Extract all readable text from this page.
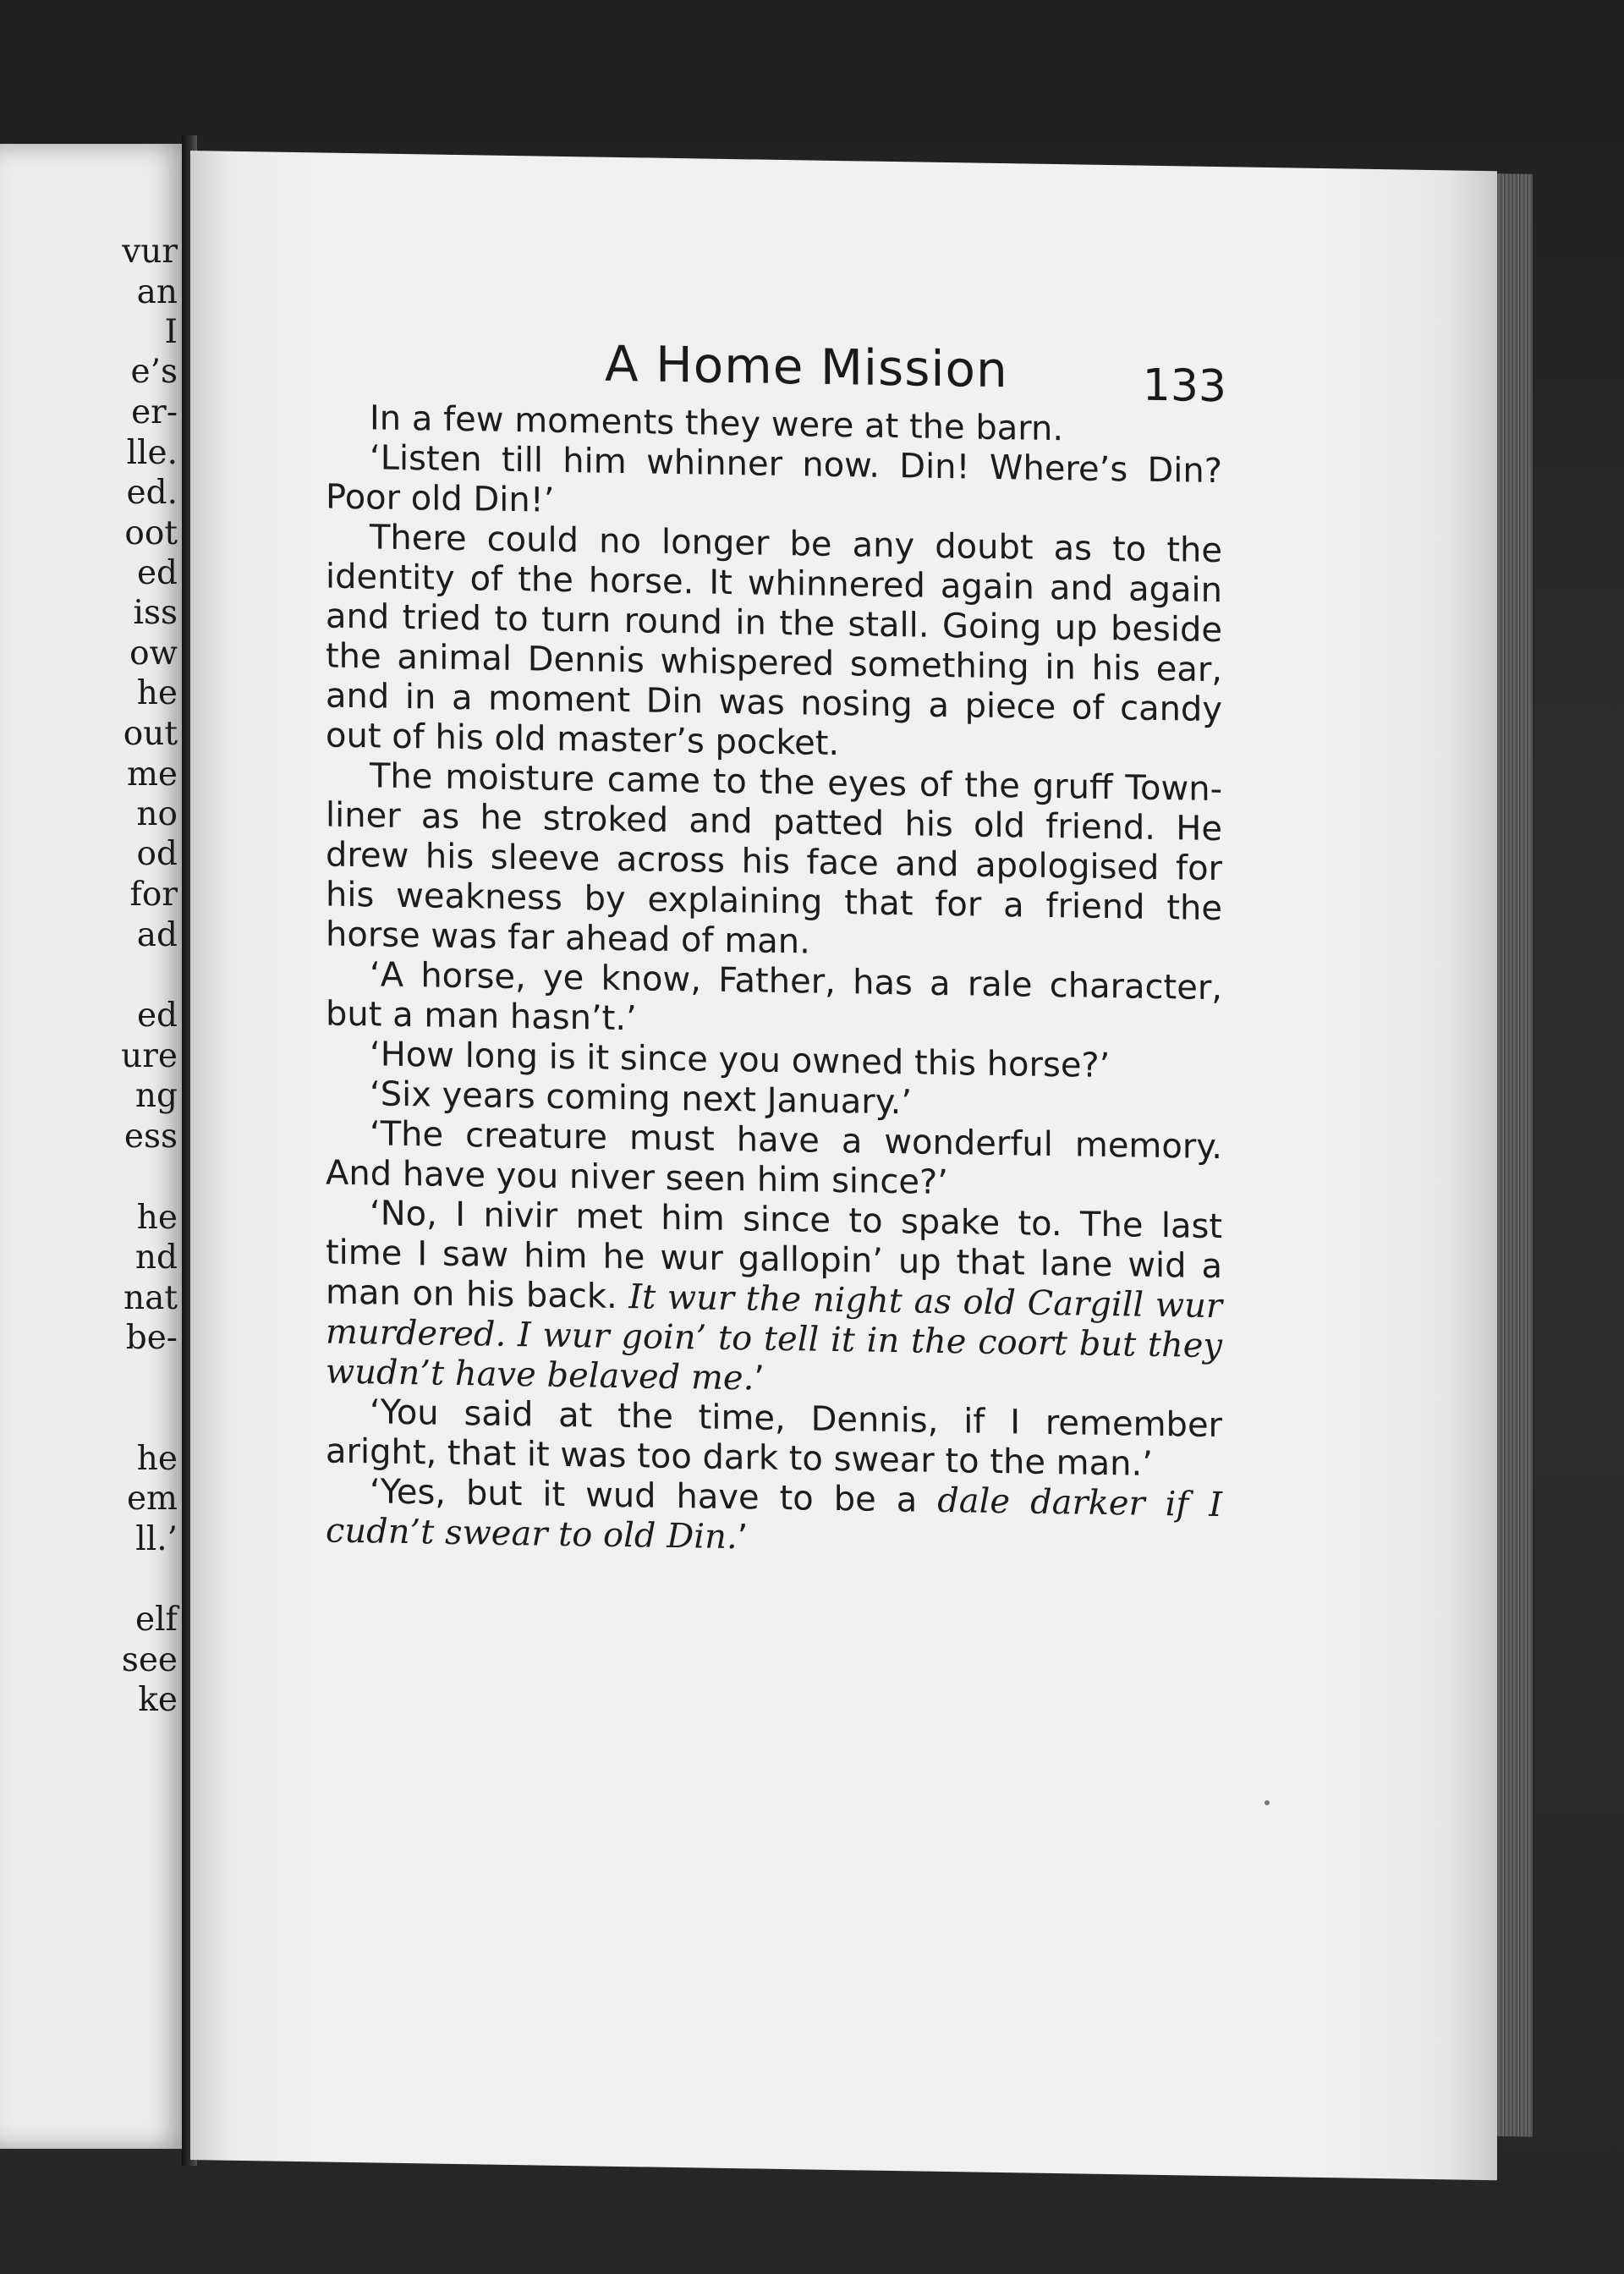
vur
an
I
e’s
er-
lle.
ed.
oot
ed
iss
ow
he
out
me
no
od
for
ad
ed
ure
ng
ess
he
nd
nat
be-
he
em
ll.’
elf
see
ke
A Home Mission	133

In a few moments they were at the barn.

‘Listen till him whinner now. Din! Where’s Din? Poor old Din!’

There could no longer be any doubt as to the identity of the horse. It whinnered again and again and tried to turn round in the stall. Going up beside the animal Dennis whispered something in his ear, and in a moment Din was nosing a piece of candy out of his old master’s pocket.

The moisture came to the eyes of the gruff Town-liner as he stroked and patted his old friend. He drew his sleeve across his face and apologised for his weakness by explaining that for a friend the horse was far ahead of man.

‘A horse, ye know, Father, has a rale character, but a man hasn’t.’

‘How long is it since you owned this horse?’

‘Six years coming next January.’

‘The creature must have a wonderful memory. And have you niver seen him since?’

‘No, I nivir met him since to spake to. The last time I saw him he wur gallopin’ up that lane wid a man on his back. It wur the night as old Cargill wur murdered. I wur goin’ to tell it in the coort but they wudn’t have belaved me.’

‘You said at the time, Dennis, if I remember aright, that it was too dark to swear to the man.’

‘Yes, but it wud have to be a dale darker if I cudn’t swear to old Din.’
